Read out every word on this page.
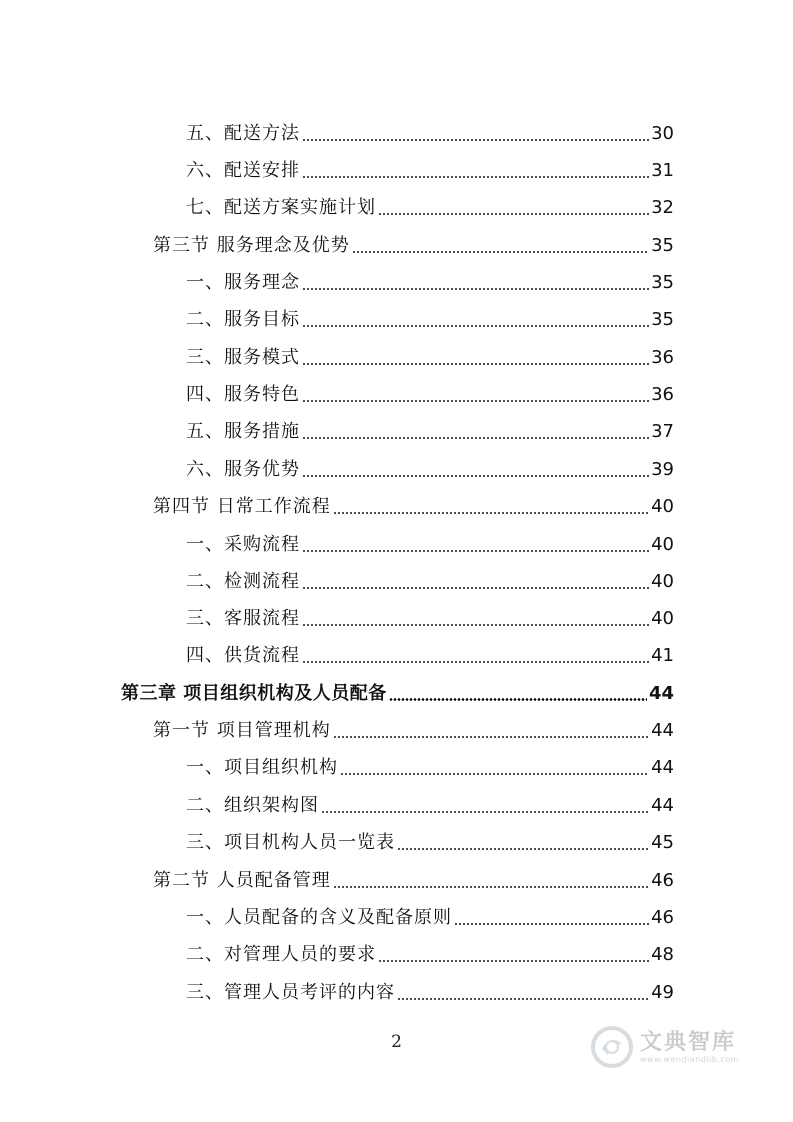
五、配送方法	30
六、配送安排	31
七、配送方案实施计划	32
第三节 服务理念及优势	35
一、服务理念	35
二、服务目标	35
三、服务模式	36
四、服务特色	36
五、服务措施	37
六、服务优势	39
第四节 日常工作流程	40
一、采购流程	40
二、检测流程	40
三、客服流程	40
四、供货流程	41
第三章 项目组织机构及人员配备	44
第一节 项目管理机构	44
一、项目组织机构	44
二、组织架构图	44
三、项目机构人员一览表	45
第二节 人员配备管理	46
一、人员配备的含义及配备原则	46
二、对管理人员的要求	48
三、管理人员考评的内容	49
2	文典智库
www.wendiandlib.com
